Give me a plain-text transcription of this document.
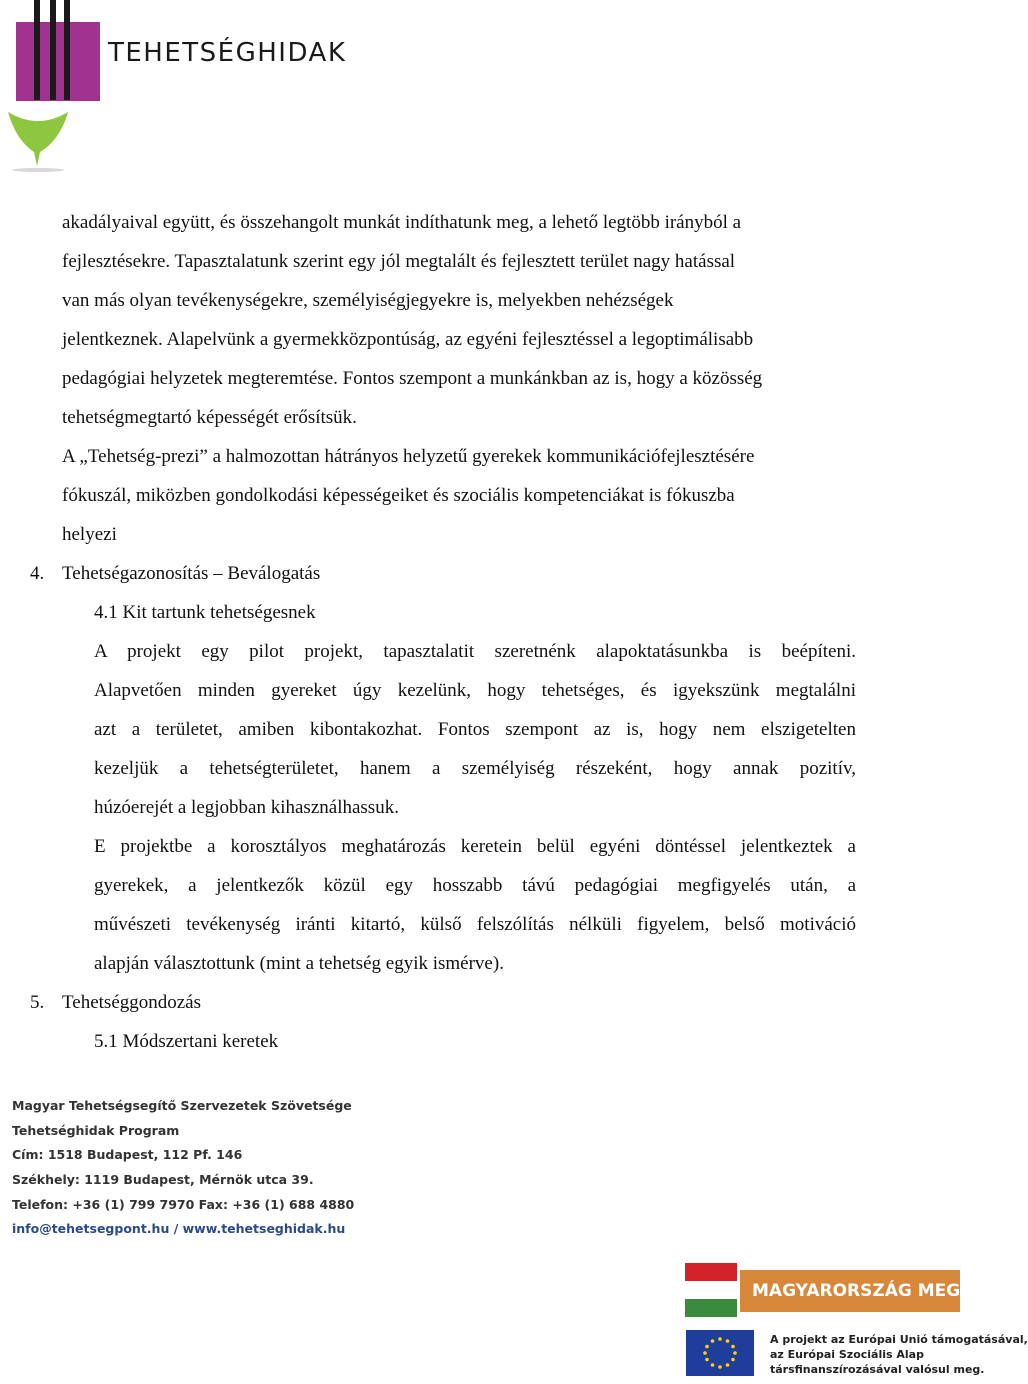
TEHETSÉGHIDAK
akadályaival együtt, és összehangolt munkát indíthatunk meg, a lehető legtöbb irányból a
fejlesztésekre. Tapasztalatunk szerint egy jól megtalált és fejlesztett terület nagy hatással
van más olyan tevékenységekre, személyiségjegyekre is, melyekben nehézségek
jelentkeznek. Alapelvünk a gyermekközpontúság, az egyéni fejlesztéssel a legoptimálisabb
pedagógiai helyzetek megteremtése. Fontos szempont a munkánkban az is, hogy a közösség
tehetségmegtartó képességét erősítsük.
A „Tehetség-prezi” a halmozottan hátrányos helyzetű gyerekek kommunikációfejlesztésére
fókuszál, miközben gondolkodási képességeiket és szociális kompetenciákat is fókuszba
helyezi
4. Tehetségazonosítás – Beválogatás
4.1 Kit tartunk tehetségesnek
A projekt egy pilot projekt, tapasztalatit szeretnénk alapoktatásunkba is beépíteni.
Alapvetően minden gyereket úgy kezelünk, hogy tehetséges, és igyekszünk megtalálni
azt a területet, amiben kibontakozhat. Fontos szempont az is, hogy nem elszigetelten
kezeljük a tehetségterületet, hanem a személyiség részeként, hogy annak pozitív,
húzóerejét a legjobban kihasználhassuk.
E projektbe a korosztályos meghatározás keretein belül egyéni döntéssel jelentkeztek a
gyerekek, a jelentkezők közül egy hosszabb távú pedagógiai megfigyelés után, a
művészeti tevékenység iránti kitartó, külső felszólítás nélküli figyelem, belső motiváció
alapján választottunk (mint a tehetség egyik ismérve).
5. Tehetséggondozás
5.1 Módszertani keretek
Magyar Tehetségsegítő Szervezetek Szövetsége
Tehetséghidak Program
Cím: 1518 Budapest, 112 Pf. 146
Székhely: 1119 Budapest, Mérnök utca 39.
Telefon: +36 (1) 799 7970 Fax: +36 (1) 688 4880
info@tehetsegpont.hu / www.tehetseghidak.hu
MAGYARORSZÁG MEGÚJUL
A projekt az Európai Unió támogatásával,
az Európai Szociális Alap
társfinanszírozásával valósul meg.
